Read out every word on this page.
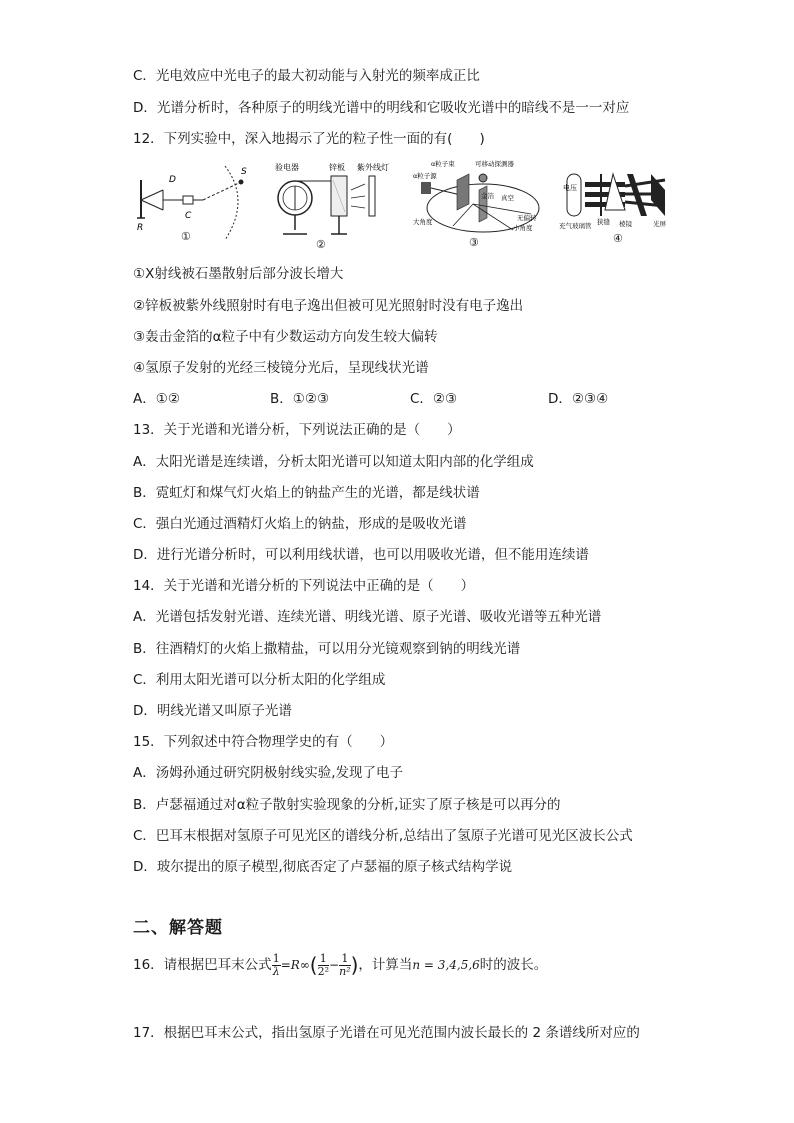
C．光电效应中光电子的最大初动能与入射光的频率成正比
D．光谱分析时，各种原子的明线光谱中的明线和它吸收光谱中的暗线不是一一对应
12．下列实验中，深入地揭示了光的粒子性一面的有(　　)
D
S
R
C
①
验电器	锌板 紫外线灯
②
α粒子束	可移动探测器
α粒子源
金箔 真空
大角度	无偏转
小角度
③
电压
充气玻璃管 狭缝 棱镜	光屏
④
①X射线被石墨散射后部分波长增大
②锌板被紫外线照射时有电子逸出但被可见光照射时没有电子逸出
③轰击金箔的α粒子中有少数运动方向发生较大偏转
④氢原子发射的光经三棱镜分光后，呈现线状光谱
A．①②	B．①②③	C．②③	D．②③④
13．关于光谱和光谱分析，下列说法正确的是（　　）
A．太阳光谱是连续谱，分析太阳光谱可以知道太阳内部的化学组成
B．霓虹灯和煤气灯火焰上的钠盐产生的光谱，都是线状谱
C．强白光通过酒精灯火焰上的钠盐，形成的是吸收光谱
D．进行光谱分析时，可以利用线状谱，也可以用吸收光谱，但不能用连续谱
14．关于光谱和光谱分析的下列说法中正确的是（　　）
A．光谱包括发射光谱、连续光谱、明线光谱、原子光谱、吸收光谱等五种光谱
B．往酒精灯的火焰上撒精盐，可以用分光镜观察到钠的明线光谱
C．利用太阳光谱可以分析太阳的化学组成
D．明线光谱又叫原子光谱
15．下列叙述中符合物理学史的有（　　）
A．汤姆孙通过研究阴极射线实验,发现了电子
B．卢瑟福通过对α粒子散射实验现象的分析,证实了原子核是可以再分的
C．巴耳末根据对氢原子可见光区的谱线分析,总结出了氢原子光谱可见光区波长公式
D．玻尔提出的原子模型,彻底否定了卢瑟福的原子核式结构学说
二、解答题
16．请根据巴耳末公式 $\frac{1}{\lambda} =R\infty( \frac{1}{\text{2²}} - \frac{1}{\text{n²}}$ )，计算当n = 3,4,5,6时的波长。
17．根据巴耳末公式，指出氢原子光谱在可见光范围内波长最长的 2 条谱线所对应的
